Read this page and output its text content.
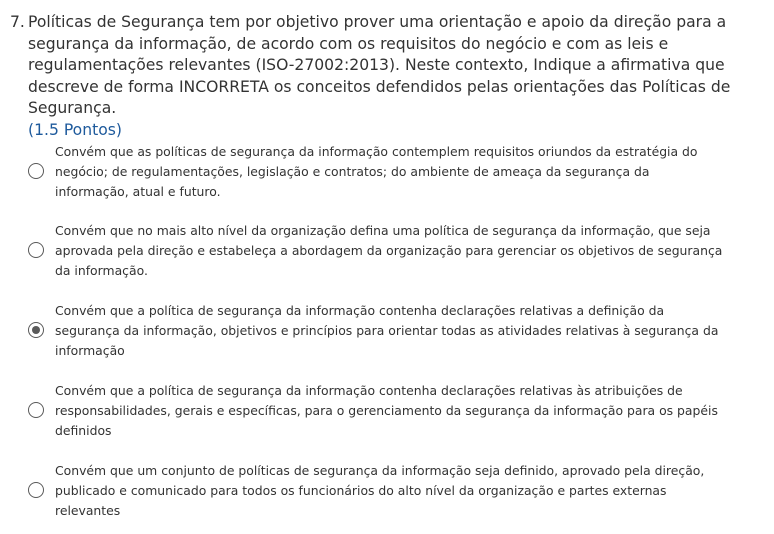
7. Políticas de Segurança tem por objetivo prover uma orientação e apoio da direção para a segurança da informação, de acordo com os requisitos do negócio e com as leis e regulamentações relevantes (ISO-27002:2013). Neste contexto, Indique a afirmativa que descreve de forma INCORRETA os conceitos defendidos pelas orientações das Políticas de Segurança.
(1.5 Pontos)
Convém que as políticas de segurança da informação contemplem requisitos oriundos da estratégia do negócio; de regulamentações, legislação e contratos; do ambiente de ameaça da segurança da informação, atual e futuro.
Convém que no mais alto nível da organização defina uma política de segurança da informação, que seja aprovada pela direção e estabeleça a abordagem da organização para gerenciar os objetivos de segurança da informação.
Convém que a política de segurança da informação contenha declarações relativas a definição da segurança da informação, objetivos e princípios para orientar todas as atividades relativas à segurança da informação
Convém que a política de segurança da informação contenha declarações relativas às atribuições de responsabilidades, gerais e específicas, para o gerenciamento da segurança da informação para os papéis definidos
Convém que um conjunto de políticas de segurança da informação seja definido, aprovado pela direção, publicado e comunicado para todos os funcionários do alto nível da organização e partes externas relevantes
